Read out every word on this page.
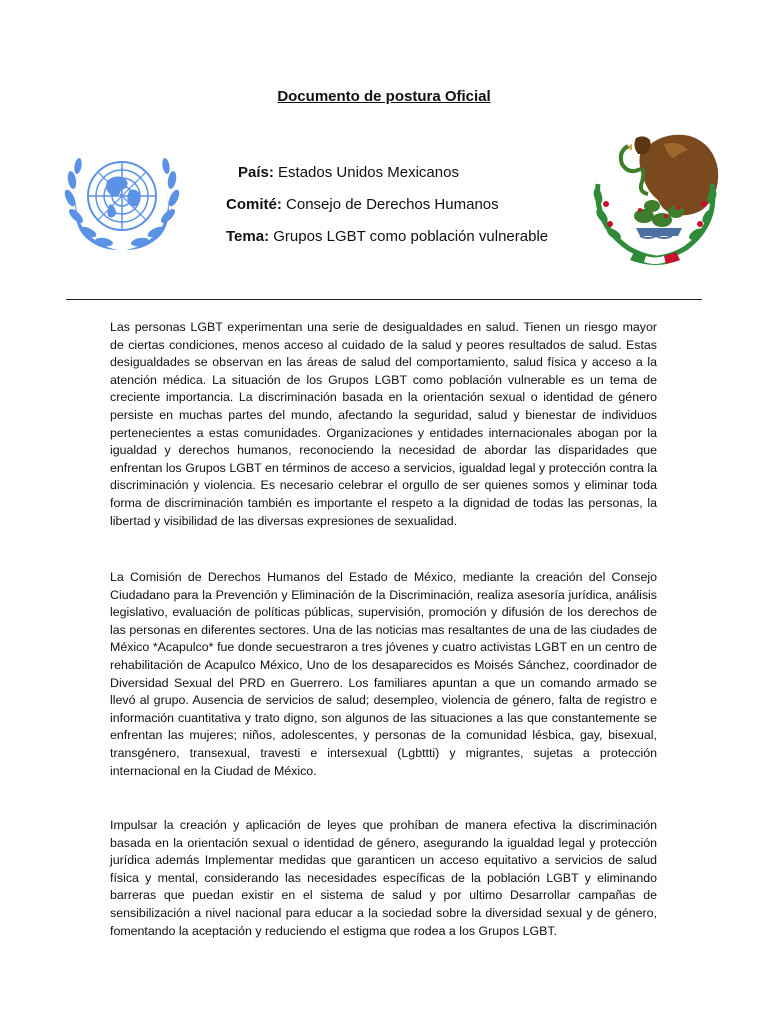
Documento de postura Oficial
País: Estados Unidos Mexicanos
Comité: Consejo de Derechos Humanos
Tema: Grupos LGBT como población vulnerable

Las personas LGBT experimentan una serie de desigualdades en salud. Tienen un riesgo mayor de ciertas condiciones, menos acceso al cuidado de la salud y peores resultados de salud. Estas desigualdades se observan en las áreas de salud del comportamiento, salud física y acceso a la atención médica. La situación de los Grupos LGBT como población vulnerable es un tema de creciente importancia. La discriminación basada en la orientación sexual o identidad de género persiste en muchas partes del mundo, afectando la seguridad, salud y bienestar de individuos pertenecientes a estas comunidades. Organizaciones y entidades internacionales abogan por la igualdad y derechos humanos, reconociendo la necesidad de abordar las disparidades que enfrentan los Grupos LGBT en términos de acceso a servicios, igualdad legal y protección contra la discriminación y violencia. Es necesario celebrar el orgullo de ser quienes somos y eliminar toda forma de discriminación también es importante el respeto a la dignidad de todas las personas, la libertad y visibilidad de las diversas expresiones de sexualidad.

La Comisión de Derechos Humanos del Estado de México, mediante la creación del Consejo Ciudadano para la Prevención y Eliminación de la Discriminación, realiza asesoría jurídica, análisis legislativo, evaluación de políticas públicas, supervisión, promoción y difusión de los derechos de las personas en diferentes sectores. Una de las noticias mas resaltantes de una de las ciudades de México *Acapulco* fue donde secuestraron a tres jóvenes y cuatro activistas LGBT en un centro de rehabilitación de Acapulco México, Uno de los desaparecidos es Moisés Sánchez, coordinador de Diversidad Sexual del PRD en Guerrero. Los familiares apuntan a que un comando armado se llevó al grupo. Ausencia de servicios de salud; desempleo, violencia de género, falta de registro e información cuantitativa y trato digno, son algunos de las situaciones a las que constantemente se enfrentan las mujeres; niños, adolescentes, y personas de la comunidad lésbica, gay, bisexual, transgénero, transexual, travesti e intersexual (Lgbttti) y migrantes, sujetas a protección internacional en la Ciudad de México.

Impulsar la creación y aplicación de leyes que prohíban de manera efectiva la discriminación basada en la orientación sexual o identidad de género, asegurando la igualdad legal y protección jurídica además Implementar medidas que garanticen un acceso equitativo a servicios de salud física y mental, considerando las necesidades específicas de la población LGBT y eliminando barreras que puedan existir en el sistema de salud y por ultimo Desarrollar campañas de sensibilización a nivel nacional para educar a la sociedad sobre la diversidad sexual y de género, fomentando la aceptación y reduciendo el estigma que rodea a los Grupos LGBT.
